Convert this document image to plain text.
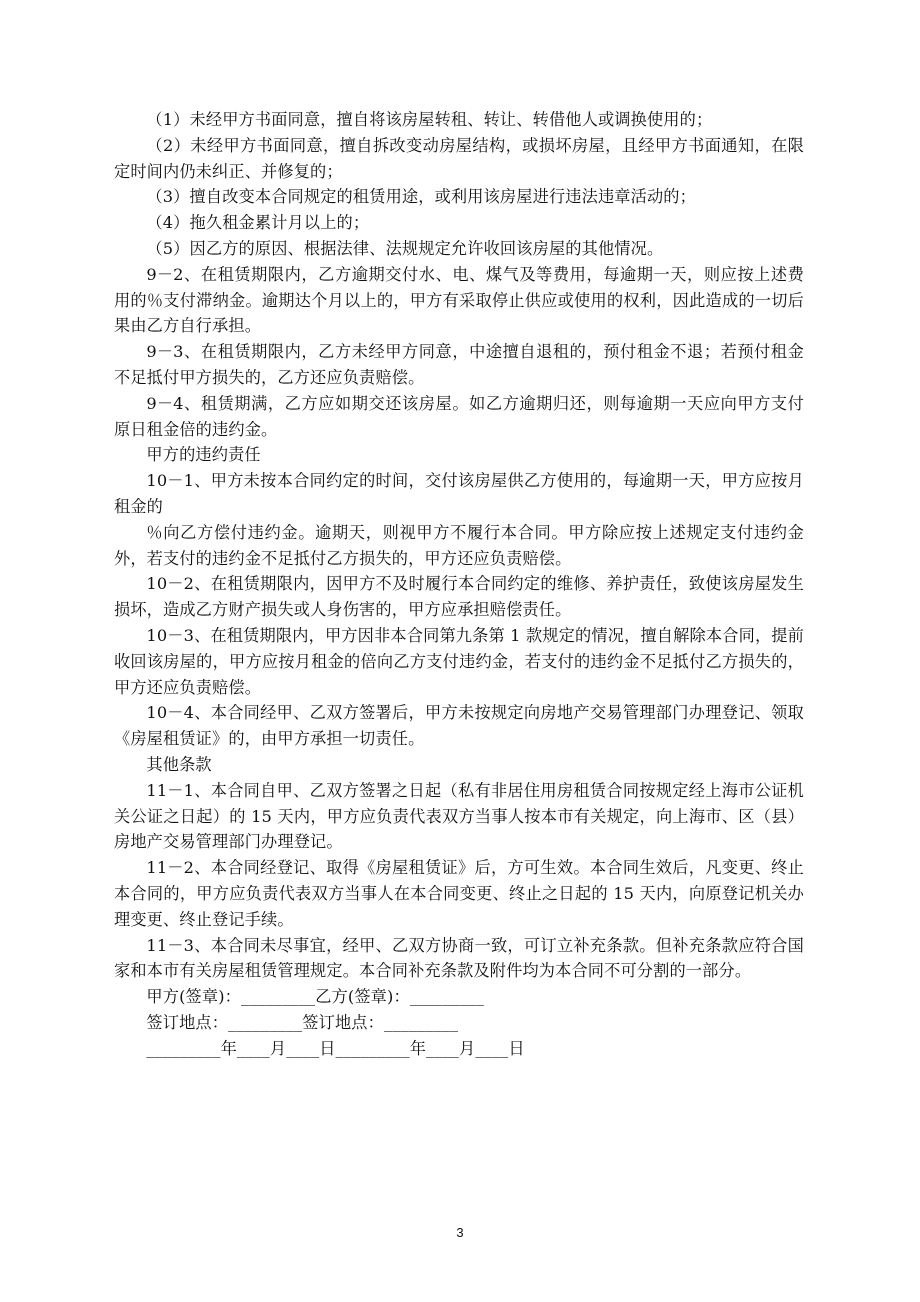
（1）未经甲方书面同意，擅自将该房屋转租、转让、转借他人或调换使用的；

（2）未经甲方书面同意，擅自拆改变动房屋结构，或损坏房屋，且经甲方书面通知，在限定时间内仍未纠正、并修复的；

（3）擅自改变本合同规定的租赁用途，或利用该房屋进行违法违章活动的；

（4）拖久租金累计月以上的；

（5）因乙方的原因、根据法律、法规规定允许收回该房屋的其他情况。

9－2、在租赁期限内，乙方逾期交付水、电、煤气及等费用，每逾期一天，则应按上述费用的％支付滞纳金。逾期达个月以上的，甲方有采取停止供应或使用的权利，因此造成的一切后果由乙方自行承担。

9－3、在租赁期限内，乙方未经甲方同意，中途擅自退租的，预付租金不退；若预付租金不足抵付甲方损失的，乙方还应负责赔偿。

9－4、租赁期满，乙方应如期交还该房屋。如乙方逾期归还，则每逾期一天应向甲方支付原日租金倍的违约金。

甲方的违约责任

10－1、甲方未按本合同约定的时间，交付该房屋供乙方使用的，每逾期一天，甲方应按月租金的

％向乙方偿付违约金。逾期天，则视甲方不履行本合同。甲方除应按上述规定支付违约金外，若支付的违约金不足抵付乙方损失的，甲方还应负责赔偿。

10－2、在租赁期限内，因甲方不及时履行本合同约定的维修、养护责任，致使该房屋发生损坏，造成乙方财产损失或人身伤害的，甲方应承担赔偿责任。

10－3、在租赁期限内，甲方因非本合同第九条第 1 款规定的情况，擅自解除本合同，提前收回该房屋的，甲方应按月租金的倍向乙方支付违约金，若支付的违约金不足抵付乙方损失的，甲方还应负责赔偿。

10－4、本合同经甲、乙双方签署后，甲方未按规定向房地产交易管理部门办理登记、领取《房屋租赁证》的，由甲方承担一切责任。

其他条款

11－1、本合同自甲、乙双方签署之日起（私有非居住用房租赁合同按规定经上海市公证机关公证之日起）的 15 天内，甲方应负责代表双方当事人按本市有关规定，向上海市、区（县）房地产交易管理部门办理登记。

11－2、本合同经登记、取得《房屋租赁证》后，方可生效。本合同生效后，凡变更、终止本合同的，甲方应负责代表双方当事人在本合同变更、终止之日起的 15 天内，向原登记机关办理变更、终止登记手续。

11－3、本合同未尽事宜，经甲、乙双方协商一致，可订立补充条款。但补充条款应符合国家和本市有关房屋租赁管理规定。本合同补充条款及附件均为本合同不可分割的一部分。

甲方(签章)：_________乙方(签章)：_________

签订地点：_________签订地点：_________

_________年____月____日_________年____月____日

3
